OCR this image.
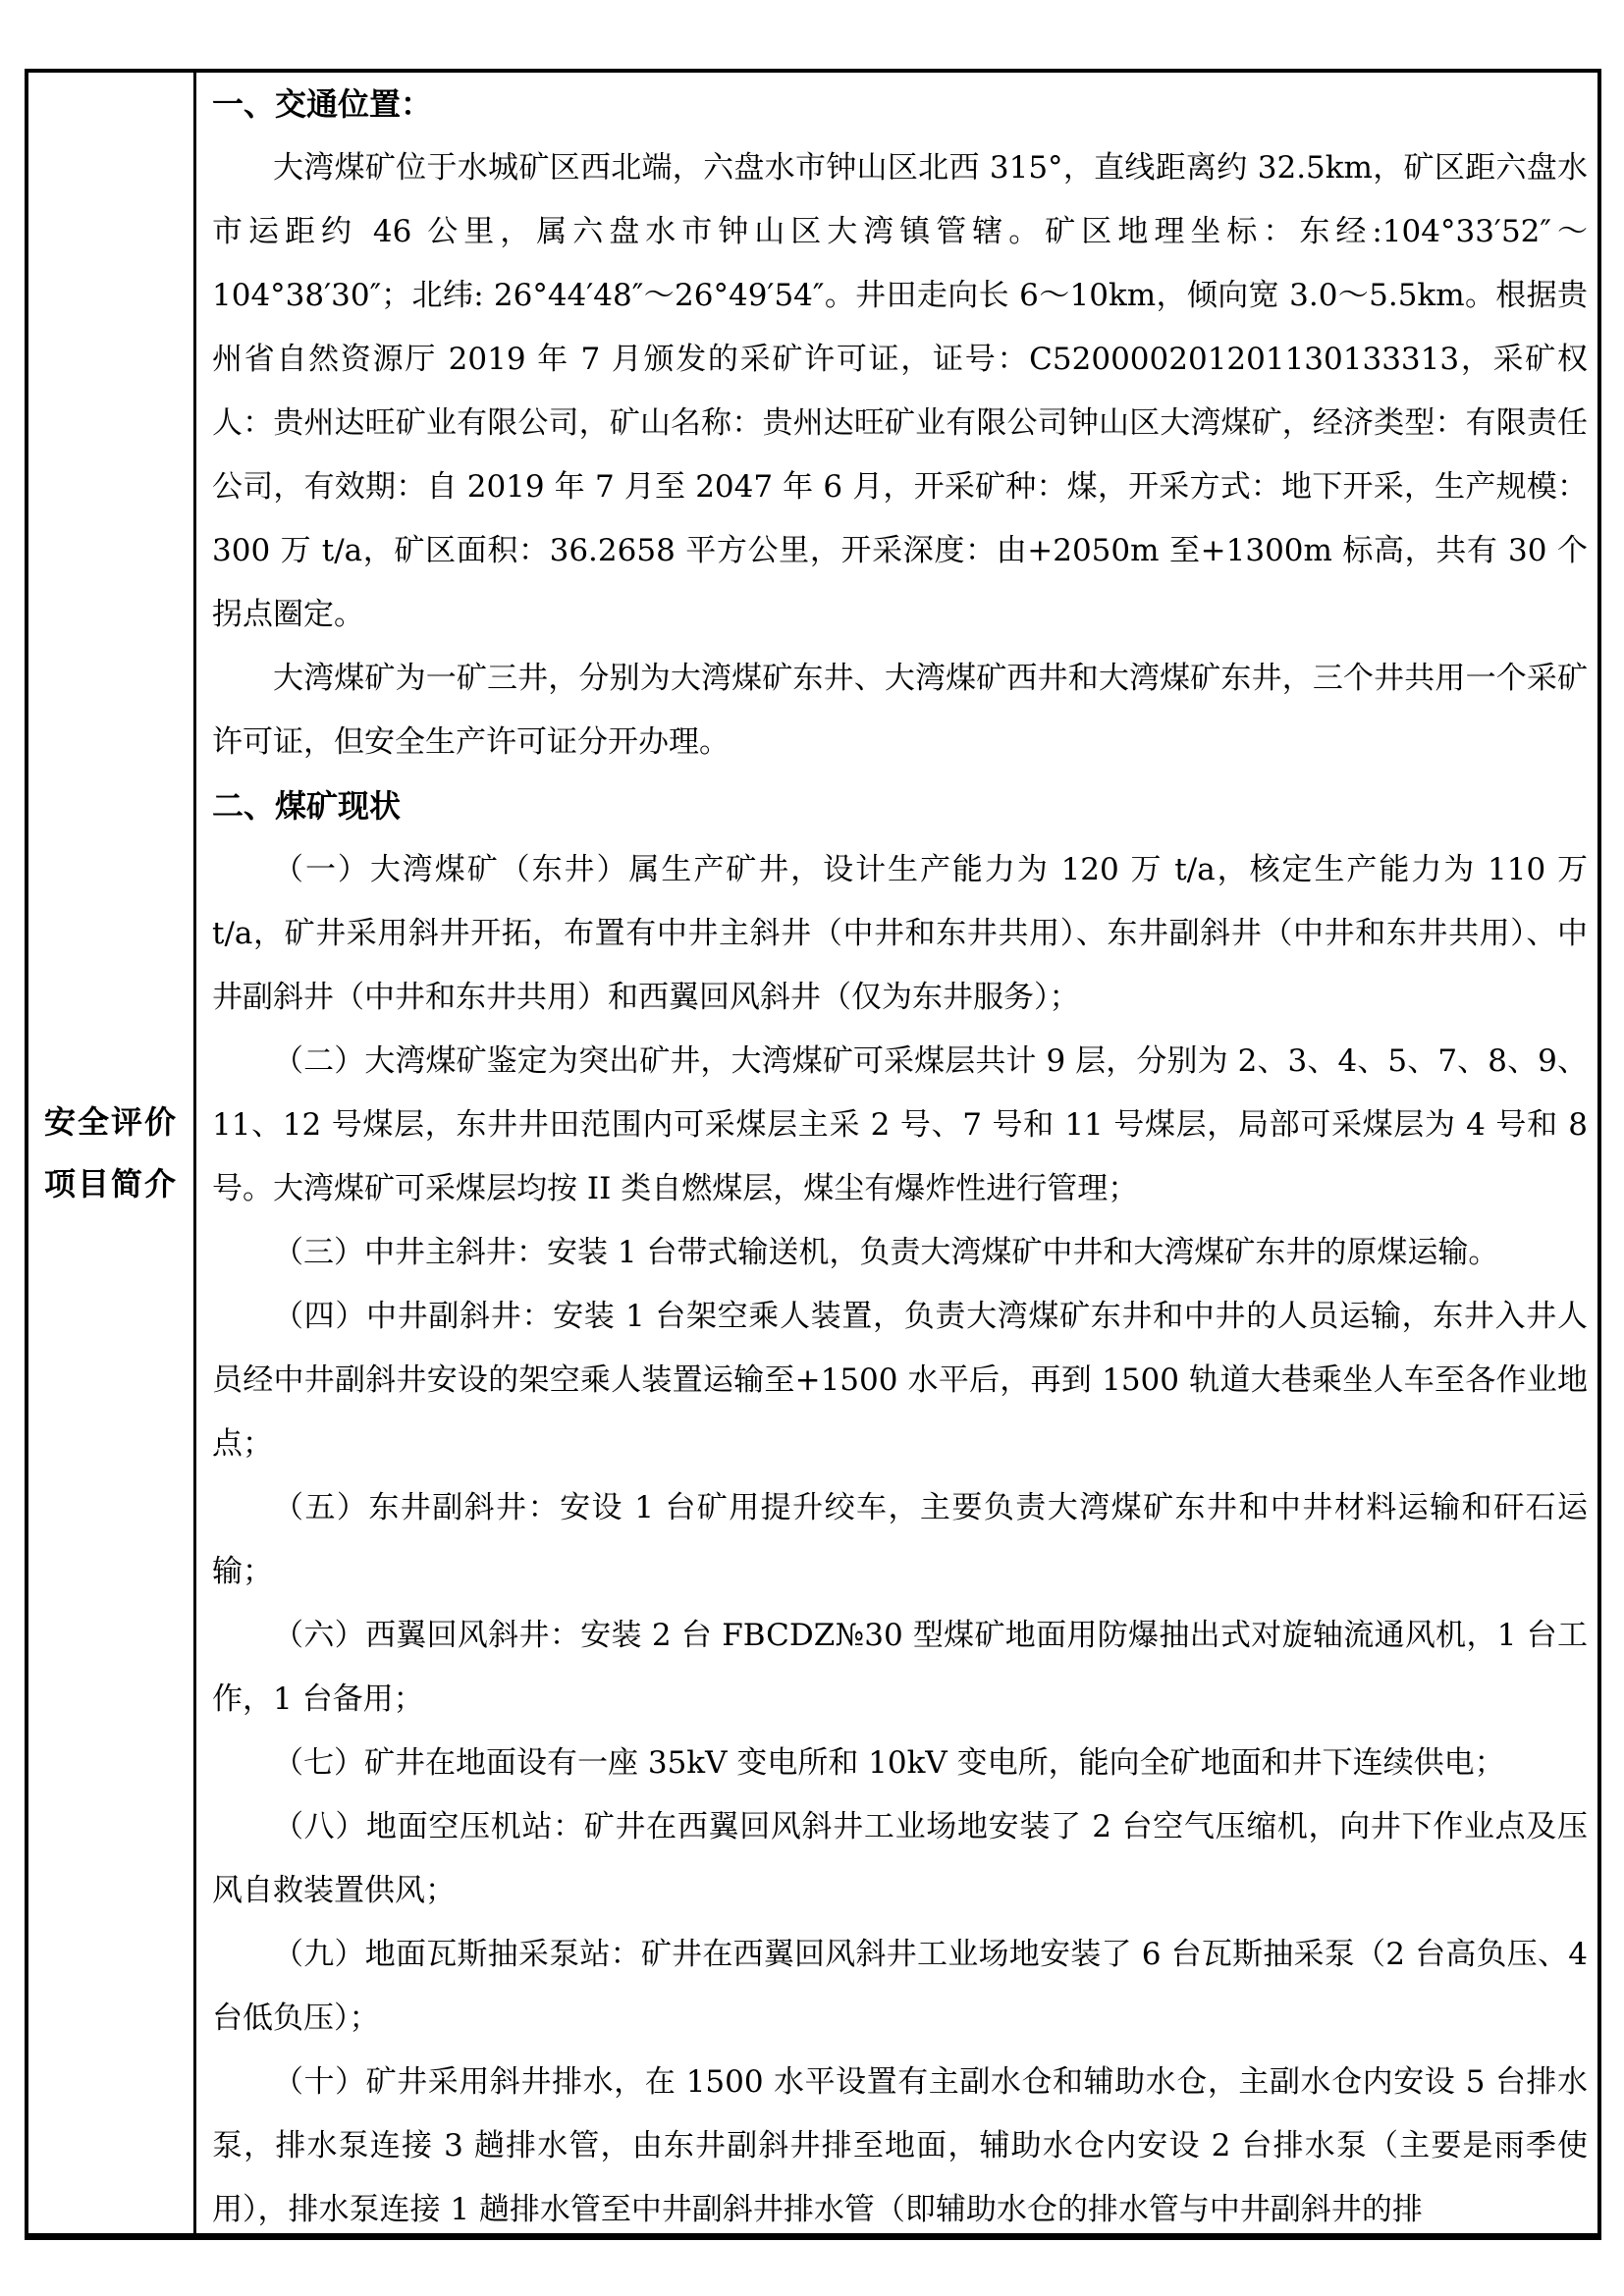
安全评价
项目简介
一、交通位置：

大湾煤矿位于水城矿区西北端，六盘水市钟山区北西 315°，直线距离约 32.5km，矿区距六盘水市运距约 46 公里，属六盘水市钟山区大湾镇管辖。矿区地理坐标：东经:104°33′52″～104°38′30″；北纬: 26°44′48″～26°49′54″。井田走向长 6～10km，倾向宽 3.0～5.5km。根据贵州省自然资源厅 2019 年 7 月颁发的采矿许可证，证号：C520000201201130133313，采矿权人：贵州达旺矿业有限公司，矿山名称：贵州达旺矿业有限公司钟山区大湾煤矿，经济类型：有限责任公司，有效期：自 2019 年 7 月至 2047 年 6 月，开采矿种：煤，开采方式：地下开采，生产规模：300 万 t/a，矿区面积：36.2658 平方公里，开采深度：由+2050m 至+1300m 标高，共有 30 个拐点圈定。

大湾煤矿为一矿三井，分别为大湾煤矿东井、大湾煤矿西井和大湾煤矿东井，三个井共用一个采矿许可证，但安全生产许可证分开办理。

二、煤矿现状

（一）大湾煤矿（东井）属生产矿井，设计生产能力为 120 万 t/a，核定生产能力为 110 万 t/a，矿井采用斜井开拓，布置有中井主斜井（中井和东井共用）、东井副斜井（中井和东井共用）、中井副斜井（中井和东井共用）和西翼回风斜井（仅为东井服务）；

（二）大湾煤矿鉴定为突出矿井，大湾煤矿可采煤层共计 9 层，分别为 2、3、4、5、7、8、9、11、12 号煤层，东井井田范围内可采煤层主采 2 号、7 号和 11 号煤层，局部可采煤层为 4 号和 8 号。大湾煤矿可采煤层均按 II 类自燃煤层，煤尘有爆炸性进行管理；

（三）中井主斜井：安装 1 台带式输送机，负责大湾煤矿中井和大湾煤矿东井的原煤运输。

（四）中井副斜井：安装 1 台架空乘人装置，负责大湾煤矿东井和中井的人员运输，东井入井人员经中井副斜井安设的架空乘人装置运输至+1500 水平后，再到 1500 轨道大巷乘坐人车至各作业地点；

（五）东井副斜井：安设 1 台矿用提升绞车，主要负责大湾煤矿东井和中井材料运输和矸石运输；

（六）西翼回风斜井：安装 2 台 FBCDZ№30 型煤矿地面用防爆抽出式对旋轴流通风机，1 台工作，1 台备用；

（七）矿井在地面设有一座 35kV 变电所和 10kV 变电所，能向全矿地面和井下连续供电；

（八）地面空压机站：矿井在西翼回风斜井工业场地安装了 2 台空气压缩机，向井下作业点及压风自救装置供风；

（九）地面瓦斯抽采泵站：矿井在西翼回风斜井工业场地安装了 6 台瓦斯抽采泵（2 台高负压、4 台低负压）；

（十）矿井采用斜井排水，在 1500 水平设置有主副水仓和辅助水仓，主副水仓内安设 5 台排水泵，排水泵连接 3 趟排水管，由东井副斜井排至地面，辅助水仓内安设 2 台排水泵（主要是雨季使用），排水泵连接 1 趟排水管至中井副斜井排水管（即辅助水仓的排水管与中井副斜井的排
